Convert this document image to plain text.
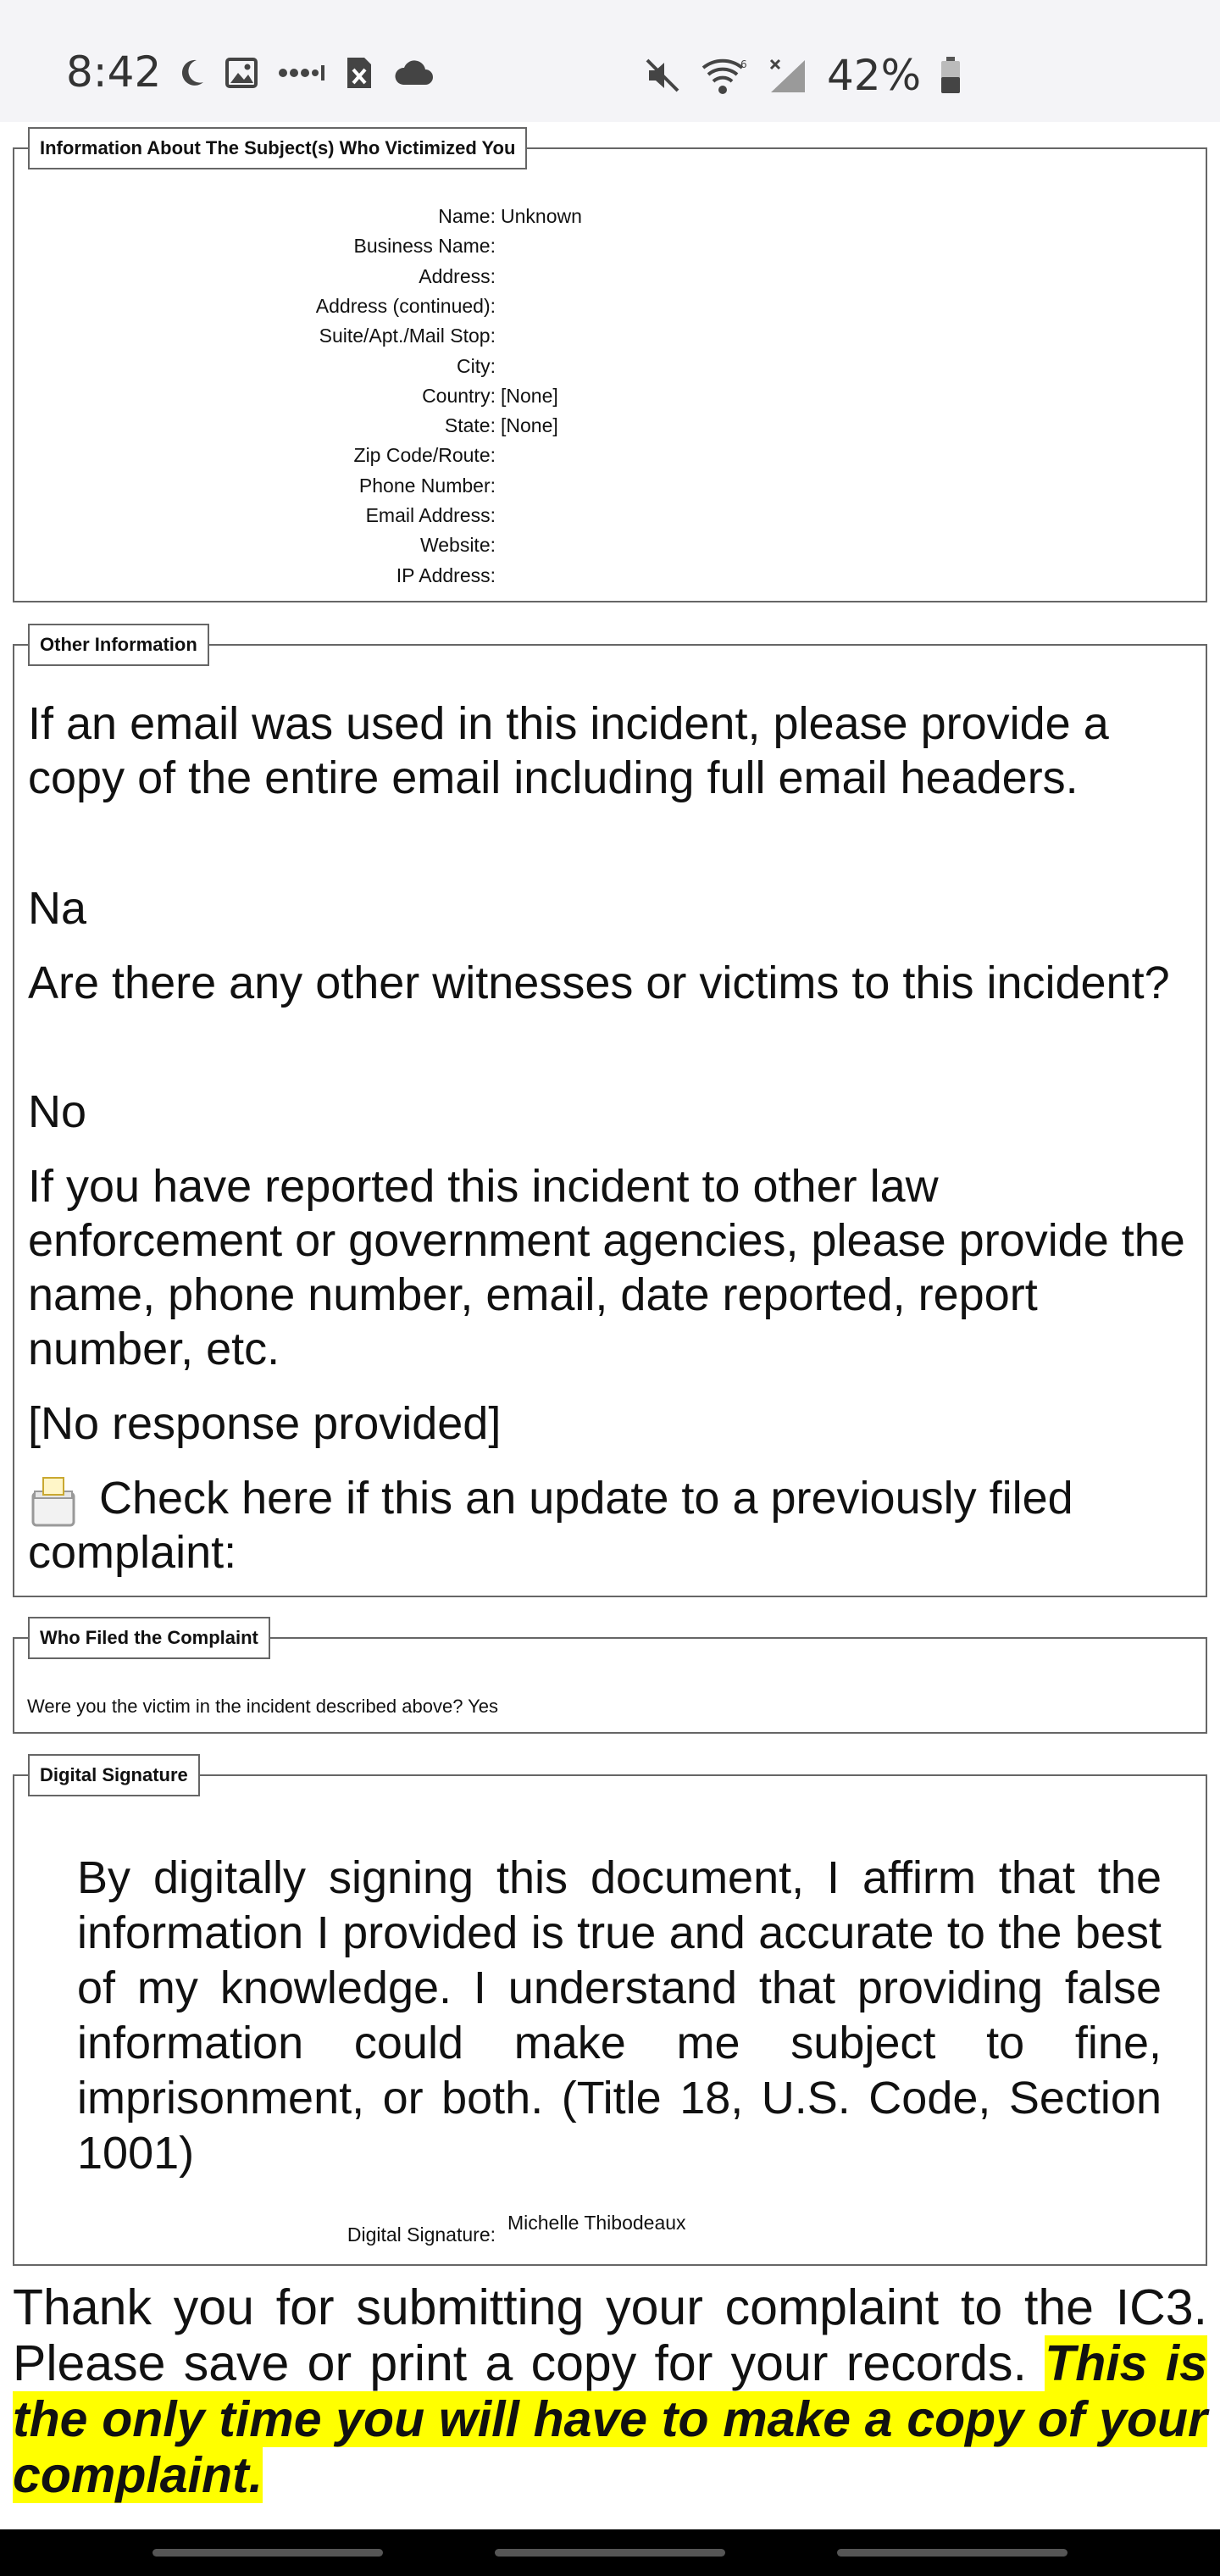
8:42	6 42%
Information About The Subject(s) Who Victimized You
Name: Unknown
Business Name:
Address:
Address (continued):
Suite/Apt./Mail Stop:
City:
Country: [None]
State: [None]
Zip Code/Route:
Phone Number:
Email Address:
Website:
IP Address:
Other Information
If an email was used in this incident, please provide a copy of the entire email including full email headers.
Na
Are there any other witnesses or victims to this incident?
No
If you have reported this incident to other law enforcement or government agencies, please provide the name, phone number, email, date reported, report number, etc.
[No response provided]
Check here if this an update to a previously filed complaint:
Who Filed the Complaint
Were you the victim in the incident described above? Yes
Digital Signature
By digitally signing this document, I affirm that the information I provided is true and accurate to the best of my knowledge. I understand that providing false information could make me subject to fine, imprisonment, or both. (Title 18, U.S. Code, Section 1001)
Michelle Thibodeaux
Digital Signature:
Thank you for submitting your complaint to the IC3. Please save or print a copy for your records. This is the only time you will have to make a copy of your complaint.
